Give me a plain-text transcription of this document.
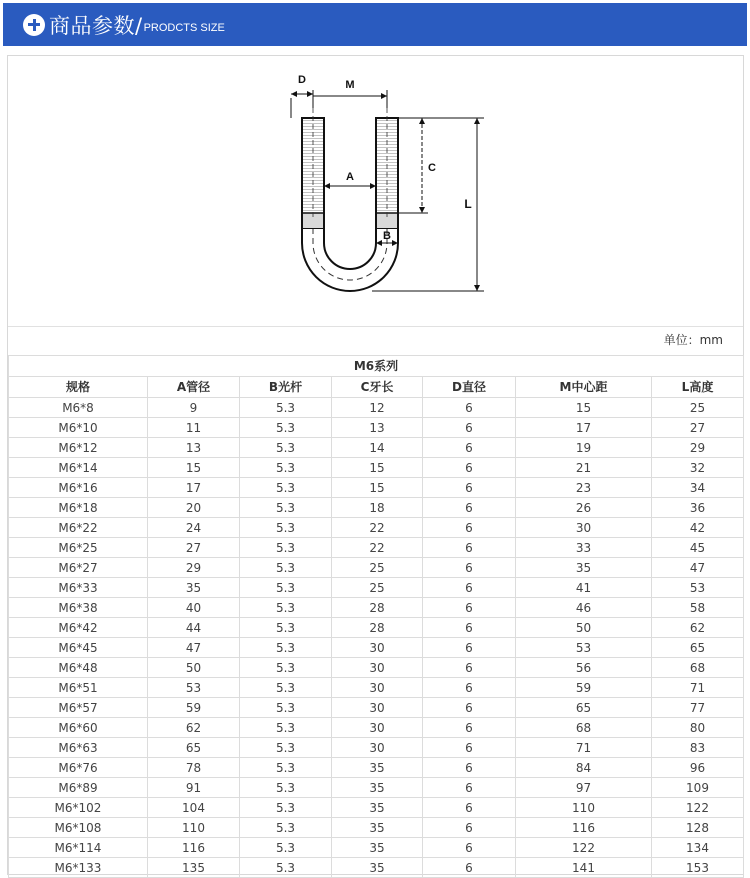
商品参数/ PRODCTS SIZE
D	M
A
B
C
L
单位：mm
M6系列						
规格	A管径	B光杆	C牙长	D直径	M中心距	L高度
M6*8	9	5.3	12	6	15	25
M6*10	11	5.3	13	6	17	27
M6*12	13	5.3	14	6	19	29
M6*14	15	5.3	15	6	21	32
M6*16	17	5.3	15	6	23	34
M6*18	20	5.3	18	6	26	36
M6*22	24	5.3	22	6	30	42
M6*25	27	5.3	22	6	33	45
M6*27	29	5.3	25	6	35	47
M6*33	35	5.3	25	6	41	53
M6*38	40	5.3	28	6	46	58
M6*42	44	5.3	28	6	50	62
M6*45	47	5.3	30	6	53	65
M6*48	50	5.3	30	6	56	68
M6*51	53	5.3	30	6	59	71
M6*57	59	5.3	30	6	65	77
M6*60	62	5.3	30	6	68	80
M6*63	65	5.3	30	6	71	83
M6*76	78	5.3	35	6	84	96
M6*89	91	5.3	35	6	97	109
M6*102	104	5.3	35	6	110	122
M6*108	110	5.3	35	6	116	128
M6*114	116	5.3	35	6	122	134
M6*133	135	5.3	35	6	141	153
